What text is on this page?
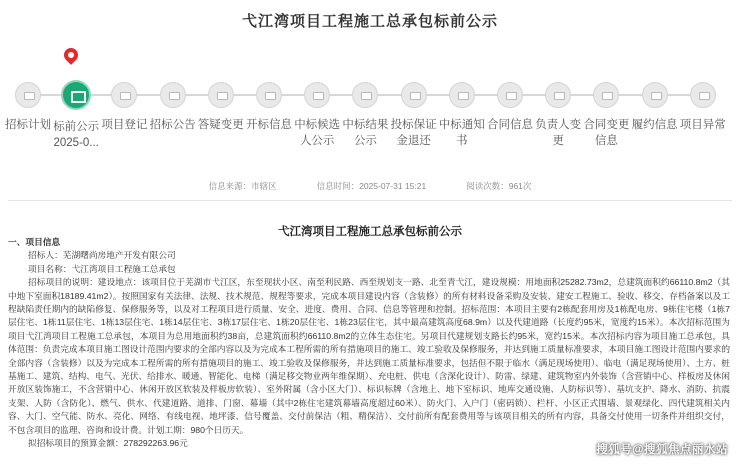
弋江湾项目工程施工总承包标前公示
招标计划 标前公示
2025-0...
项目登记 招标公告 答疑变更 开标信息 中标候选人公示
中标结果公示
投标保证金退还
中标通知书
合同信息 负责人变更
合同变更信息
履约信息 项目异常
信息来源：市辖区	信息时间：2025-07-31 15:21	阅读次数：961次
弋江湾项目工程施工总承包标前公示
一、项目信息
招标人：芜湖曙尚房地产开发有限公司
项目名称：弋江湾项目工程施工总承包
招标项目的说明：建设地点：该项目位于芜湖市弋江区，东至现状小区、南至利民路、西至规划支一路、北至青弋江，建设规模：用地面积25282.73m2，总建筑面积约66110.8m2（其中地下室面积18189.41m2）。按照国家有关法律、法规、技术规范、规程等要求，完成本项目建设内容（含装修）的所有材料设备采购及安装、建安工程施工、验收、移交、存档备案以及工程缺陷责任期内的缺陷修复、保修服务等，以及对工程项目进行质量、安全、进度、费用、合同、信息等管理和控制。招标范围：本项目主要有2栋配套用房及1栋配电房、9栋住宅楼（1栋7层住宅、1栋11层住宅、1栋13层住宅、1栋14层住宅、3栋17层住宅、1栋20层住宅、1栋23层住宅，其中最高建筑高度68.9m）以及代建道路（长度约95米，宽度约15米）。本次招标范围为项目弋江湾项目工程施工总承包，本项目为总用地面积约38亩，总建筑面积约66110.8m2的立体生态住宅。另项目代建规划支路长约95米，宽约15米。本次招标内容为项目施工总承包，具体范围：负责完成本项目施工图设计范围内要求的全部内容以及为完成本工程所需的所有措施项目的施工、竣工验收及保修服务，并达到施工质量标准要求，本项目施工图设计范围内要求的全部内容（含装修）以及为完成本工程所需的所有措施项目的施工、竣工验收及保修服务，并达到施工质量标准要求，包括但不限于临水（满足现场使用）、临电（满足现场使用）、土方、桩基施工、建筑、结构、电气、光伏、给排水、暖通、智能化、电梯（满足移交物业两年维保期）、充电桩、供电（含深化设计）、防雷、绿建、建筑物室内外装饰（含营销中心、样板房及休闲开放区装饰施工，不含营销中心、休闲开放区软装及样板房软装）、室外附属（含小区大门）、标识标牌（含地上、地下室标识、地库交通设施、人防标识等）、基坑支护、降水、消防、抗震支架、人防（含防化）、燃气、供水、代建道路、道排、门窗、幕墙（其中2栋住宅建筑幕墙高度超过60米）、防火门、入户门（密码锁）、栏杆、小区正式围墙、景观绿化、四代建筑相关内容、大门、空气能、防水、亮化、网络、有线电视、地坪漆、信号覆盖、交付前保洁（粗、精保洁）、交付前所有配套费用等与该项目相关的所有内容，具备交付使用一切条件并组织交付，不包含项目的监理、咨询和设计费。计划工期：980个日历天。
拟招标项目的预算金额：278292263.96元
搜狐号@搜狐焦点丽水站
